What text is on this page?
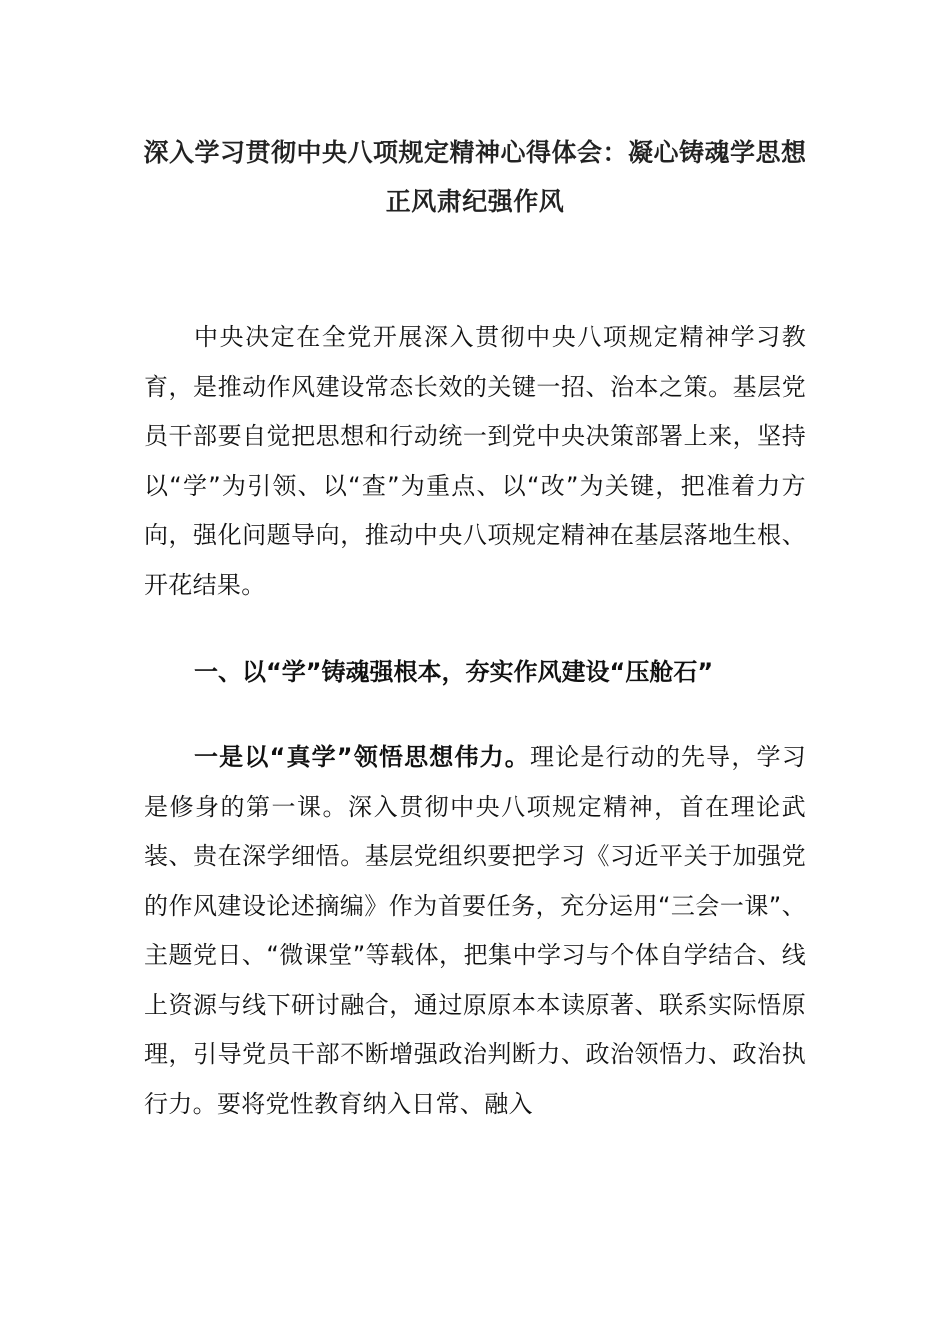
深入学习贯彻中央八项规定精神心得体会：凝心铸魂学思想正风肃纪强作风

中央决定在全党开展深入贯彻中央八项规定精神学习教育，是推动作风建设常态长效的关键一招、治本之策。基层党员干部要自觉把思想和行动统一到党中央决策部署上来，坚持以“学”为引领、以“查”为重点、以“改”为关键，把准着力方向，强化问题导向，推动中央八项规定精神在基层落地生根、开花结果。

一、以“学”铸魂强根本，夯实作风建设“压舱石”

一是以“真学”领悟思想伟力。理论是行动的先导，学习是修身的第一课。深入贯彻中央八项规定精神，首在理论武装、贵在深学细悟。基层党组织要把学习《习近平关于加强党的作风建设论述摘编》作为首要任务，充分运用“三会一课”、主题党日、“微课堂”等载体，把集中学习与个体自学结合、线上资源与线下研讨融合，通过原原本本读原著、联系实际悟原理，引导党员干部不断增强政治判断力、政治领悟力、政治执行力。要将党性教育纳入日常、融入
